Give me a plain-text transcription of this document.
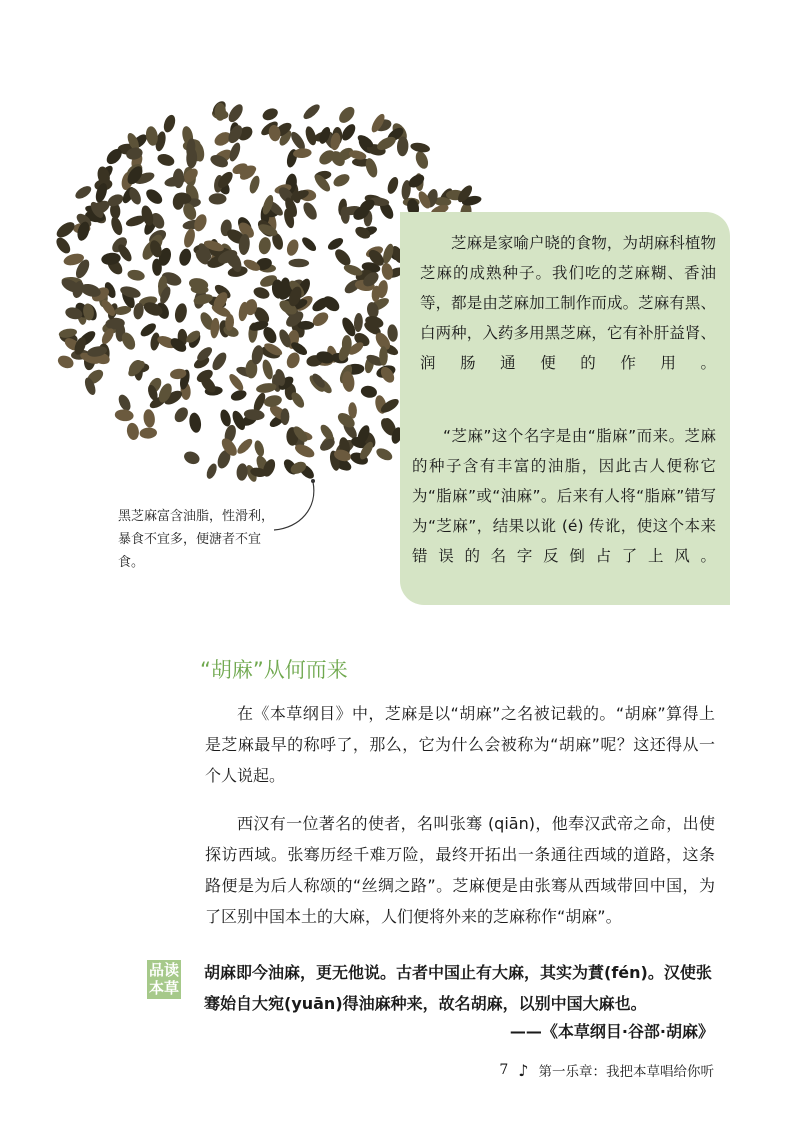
芝麻是家喻户晓的食物，为胡麻科植物芝麻的成熟种子。我们吃的芝麻糊、香油等，都是由芝麻加工制作而成。芝麻有黑、白两种，入药多用黑芝麻，它有补肝益肾、润肠通便的作用。

“芝麻”这个名字是由“脂麻”而来。芝麻的种子含有丰富的油脂，因此古人便称它为“脂麻”或“油麻”。后来有人将“脂麻”错写为“芝麻”，结果以讹 (é) 传讹，使这个本来错误的名字反倒占了上风。

黑芝麻富含油脂，性滑利，暴食不宜多，便溏者不宜食。

“胡麻”从何而来

在《本草纲目》中，芝麻是以“胡麻”之名被记载的。“胡麻”算得上是芝麻最早的称呼了，那么，它为什么会被称为“胡麻”呢？这还得从一个人说起。

西汉有一位著名的使者，名叫张骞 (qiān)，他奉汉武帝之命，出使探访西域。张骞历经千难万险，最终开拓出一条通往西域的道路，这条路便是为后人称颂的“丝绸之路”。芝麻便是由张骞从西域带回中国，为了区别中国本土的大麻，人们便将外来的芝麻称作“胡麻”。

品读
本草

胡麻即今油麻，更无他说。古者中国止有大麻，其实为蕡(fén)。汉使张骞始自大宛(yuān)得油麻种来，故名胡麻，以别中国大麻也。

——《本草纲目·谷部·胡麻》

7 ♪ 第一乐章：我把本草唱给你听
